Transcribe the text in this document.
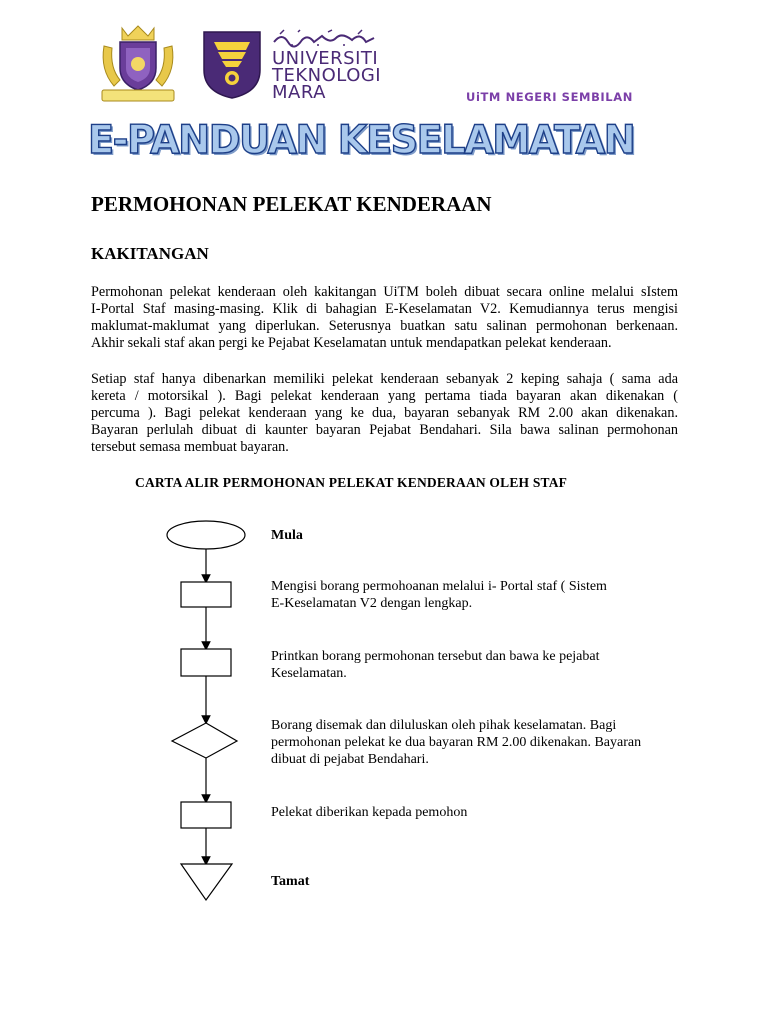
UNIVERSITI
TEKNOLOGI
MARA	UiTM NEGERI SEMBILAN
E-PANDUAN KESELAMATAN
PERMOHONAN PELEKAT KENDERAAN
KAKITANGAN
Permohonan pelekat kenderaan oleh kakitangan UiTM boleh dibuat secara online melalui sIstem
I-Portal Staf masing-masing. Klik di bahagian E-Keselamatan V2. Kemudiannya terus mengisi
maklumat-maklumat yang diperlukan. Seterusnya buatkan satu salinan permohonan berkenaan.
Akhir sekali staf akan pergi ke Pejabat Keselamatan untuk mendapatkan pelekat kenderaan.
Setiap staf hanya dibenarkan memiliki pelekat kenderaan sebanyak 2 keping sahaja ( sama ada
kereta / motorsikal ). Bagi pelekat kenderaan yang pertama tiada bayaran akan dikenakan (
percuma ). Bagi pelekat kenderaan yang ke dua, bayaran sebanyak RM 2.00 akan dikenakan.
Bayaran perlulah dibuat di kaunter bayaran Pejabat Bendahari. Sila bawa salinan permohonan
tersebut semasa membuat bayaran.
CARTA ALIR PERMOHONAN PELEKAT KENDERAAN OLEH STAF
Mula
Mengisi borang permohoanan melalui i- Portal staf ( Sistem
E-Keselamatan V2 dengan lengkap.
Printkan borang permohonan tersebut dan bawa ke pejabat
Keselamatan.
Borang disemak dan diluluskan oleh pihak keselamatan. Bagi
permohonan pelekat ke dua bayaran RM 2.00 dikenakan. Bayaran
dibuat di pejabat Bendahari.
Pelekat diberikan kepada pemohon
Tamat
